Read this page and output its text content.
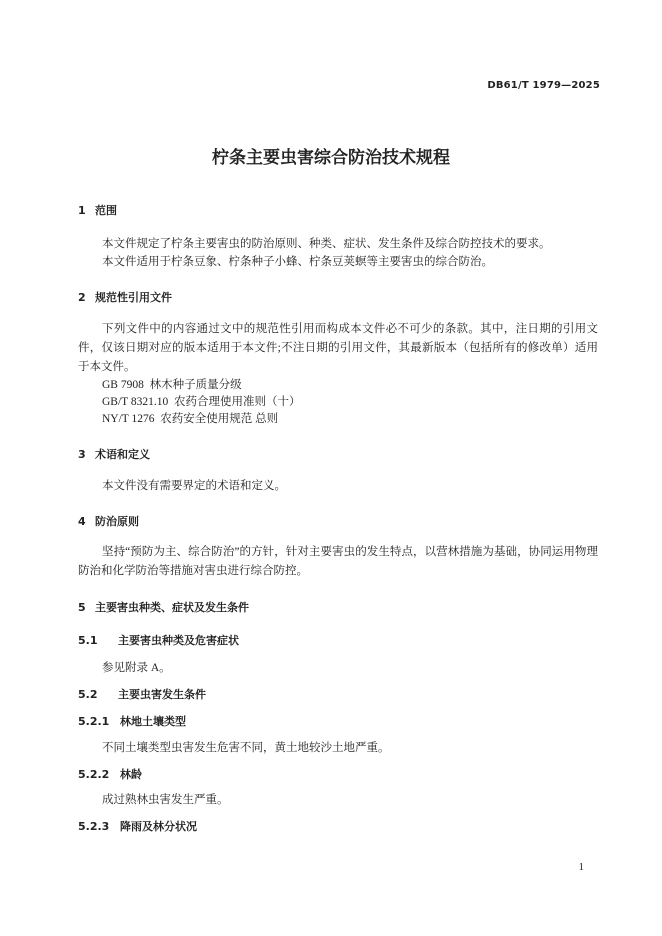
DB61/T 1979—2025
柠条主要虫害综合防治技术规程
1 范围
本文件规定了柠条主要害虫的防治原则、种类、症状、发生条件及综合防控技术的要求。
本文件适用于柠条豆象、柠条种子小蜂、柠条豆荚螟等主要害虫的综合防治。
2 规范性引用文件
下列文件中的内容通过文中的规范性引用而构成本文件必不可少的条款。其中，注日期的引用文件，仅该日期对应的版本适用于本文件;不注日期的引用文件，其最新版本（包括所有的修改单）适用于本文件。
GB 7908 林木种子质量分级
GB/T 8321.10 农药合理使用准则（十）
NY/T 1276 农药安全使用规范 总则
3 术语和定义
本文件没有需要界定的术语和定义。
4 防治原则
坚持“预防为主、综合防治”的方针，针对主要害虫的发生特点，以营林措施为基础，协同运用物理防治和化学防治等措施对害虫进行综合防控。
5 主要害虫种类、症状及发生条件
5.1 主要害虫种类及危害症状
参见附录 A。
5.2 主要虫害发生条件
5.2.1 林地土壤类型
不同土壤类型虫害发生危害不同，黄土地较沙土地严重。
5.2.2 林龄
成过熟林虫害发生严重。
5.2.3 降雨及林分状况
1
